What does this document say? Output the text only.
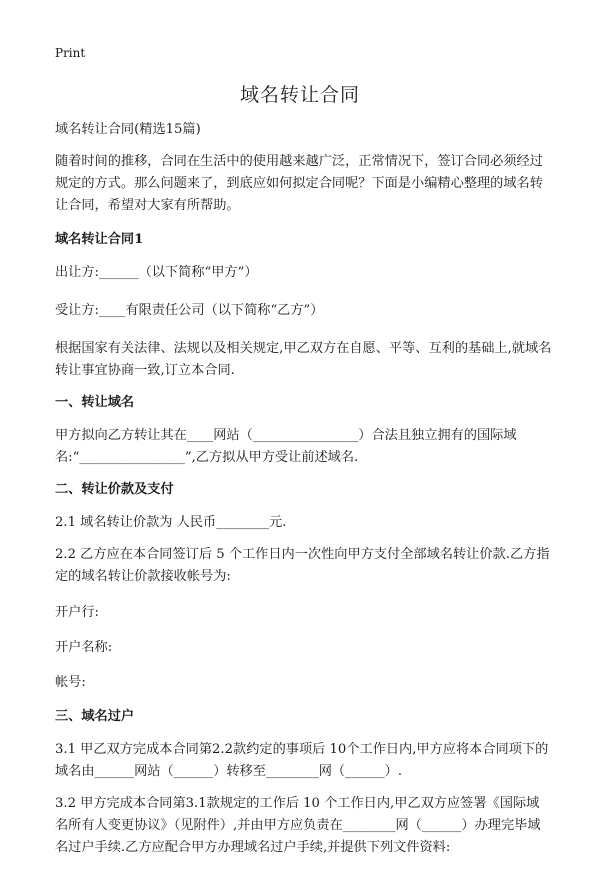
Print
域名转让合同

域名转让合同(精选15篇)

随着时间的推移，合同在生活中的使用越来越广泛，正常情况下，签订合同必须经过规定的方式。那么问题来了，到底应如何拟定合同呢？下面是小编精心整理的域名转让合同，希望对大家有所帮助。

域名转让合同1

出让方:______（以下简称“甲方”）

受让方:____有限责任公司（以下简称“乙方”）

根据国家有关法律、法规以及相关规定,甲乙双方在自愿、平等、互利的基础上,就域名转让事宜协商一致,订立本合同.

一、转让域名

甲方拟向乙方转让其在____网站（________________）合法且独立拥有的国际域名:“________________”,乙方拟从甲方受让前述域名.

二、转让价款及支付

2.1 域名转让价款为 人民币________元.

2.2 乙方应在本合同签订后 5 个工作日内一次性向甲方支付全部域名转让价款.乙方指定的域名转让价款接收帐号为:

开户行:

开户名称:

帐号:

三、域名过户

3.1 甲乙双方完成本合同第2.2款约定的事项后 10个工作日内,甲方应将本合同项下的域名由______网站（______）转移至________网（______）.

3.2 甲方完成本合同第3.1款规定的工作后 10 个工作日内,甲乙双方应签署《国际域名所有人变更协议》（见附件）,并由甲方应负责在________网（______）办理完毕域名过户手续.乙方应配合甲方办理域名过户手续,并提供下列文件资料:
